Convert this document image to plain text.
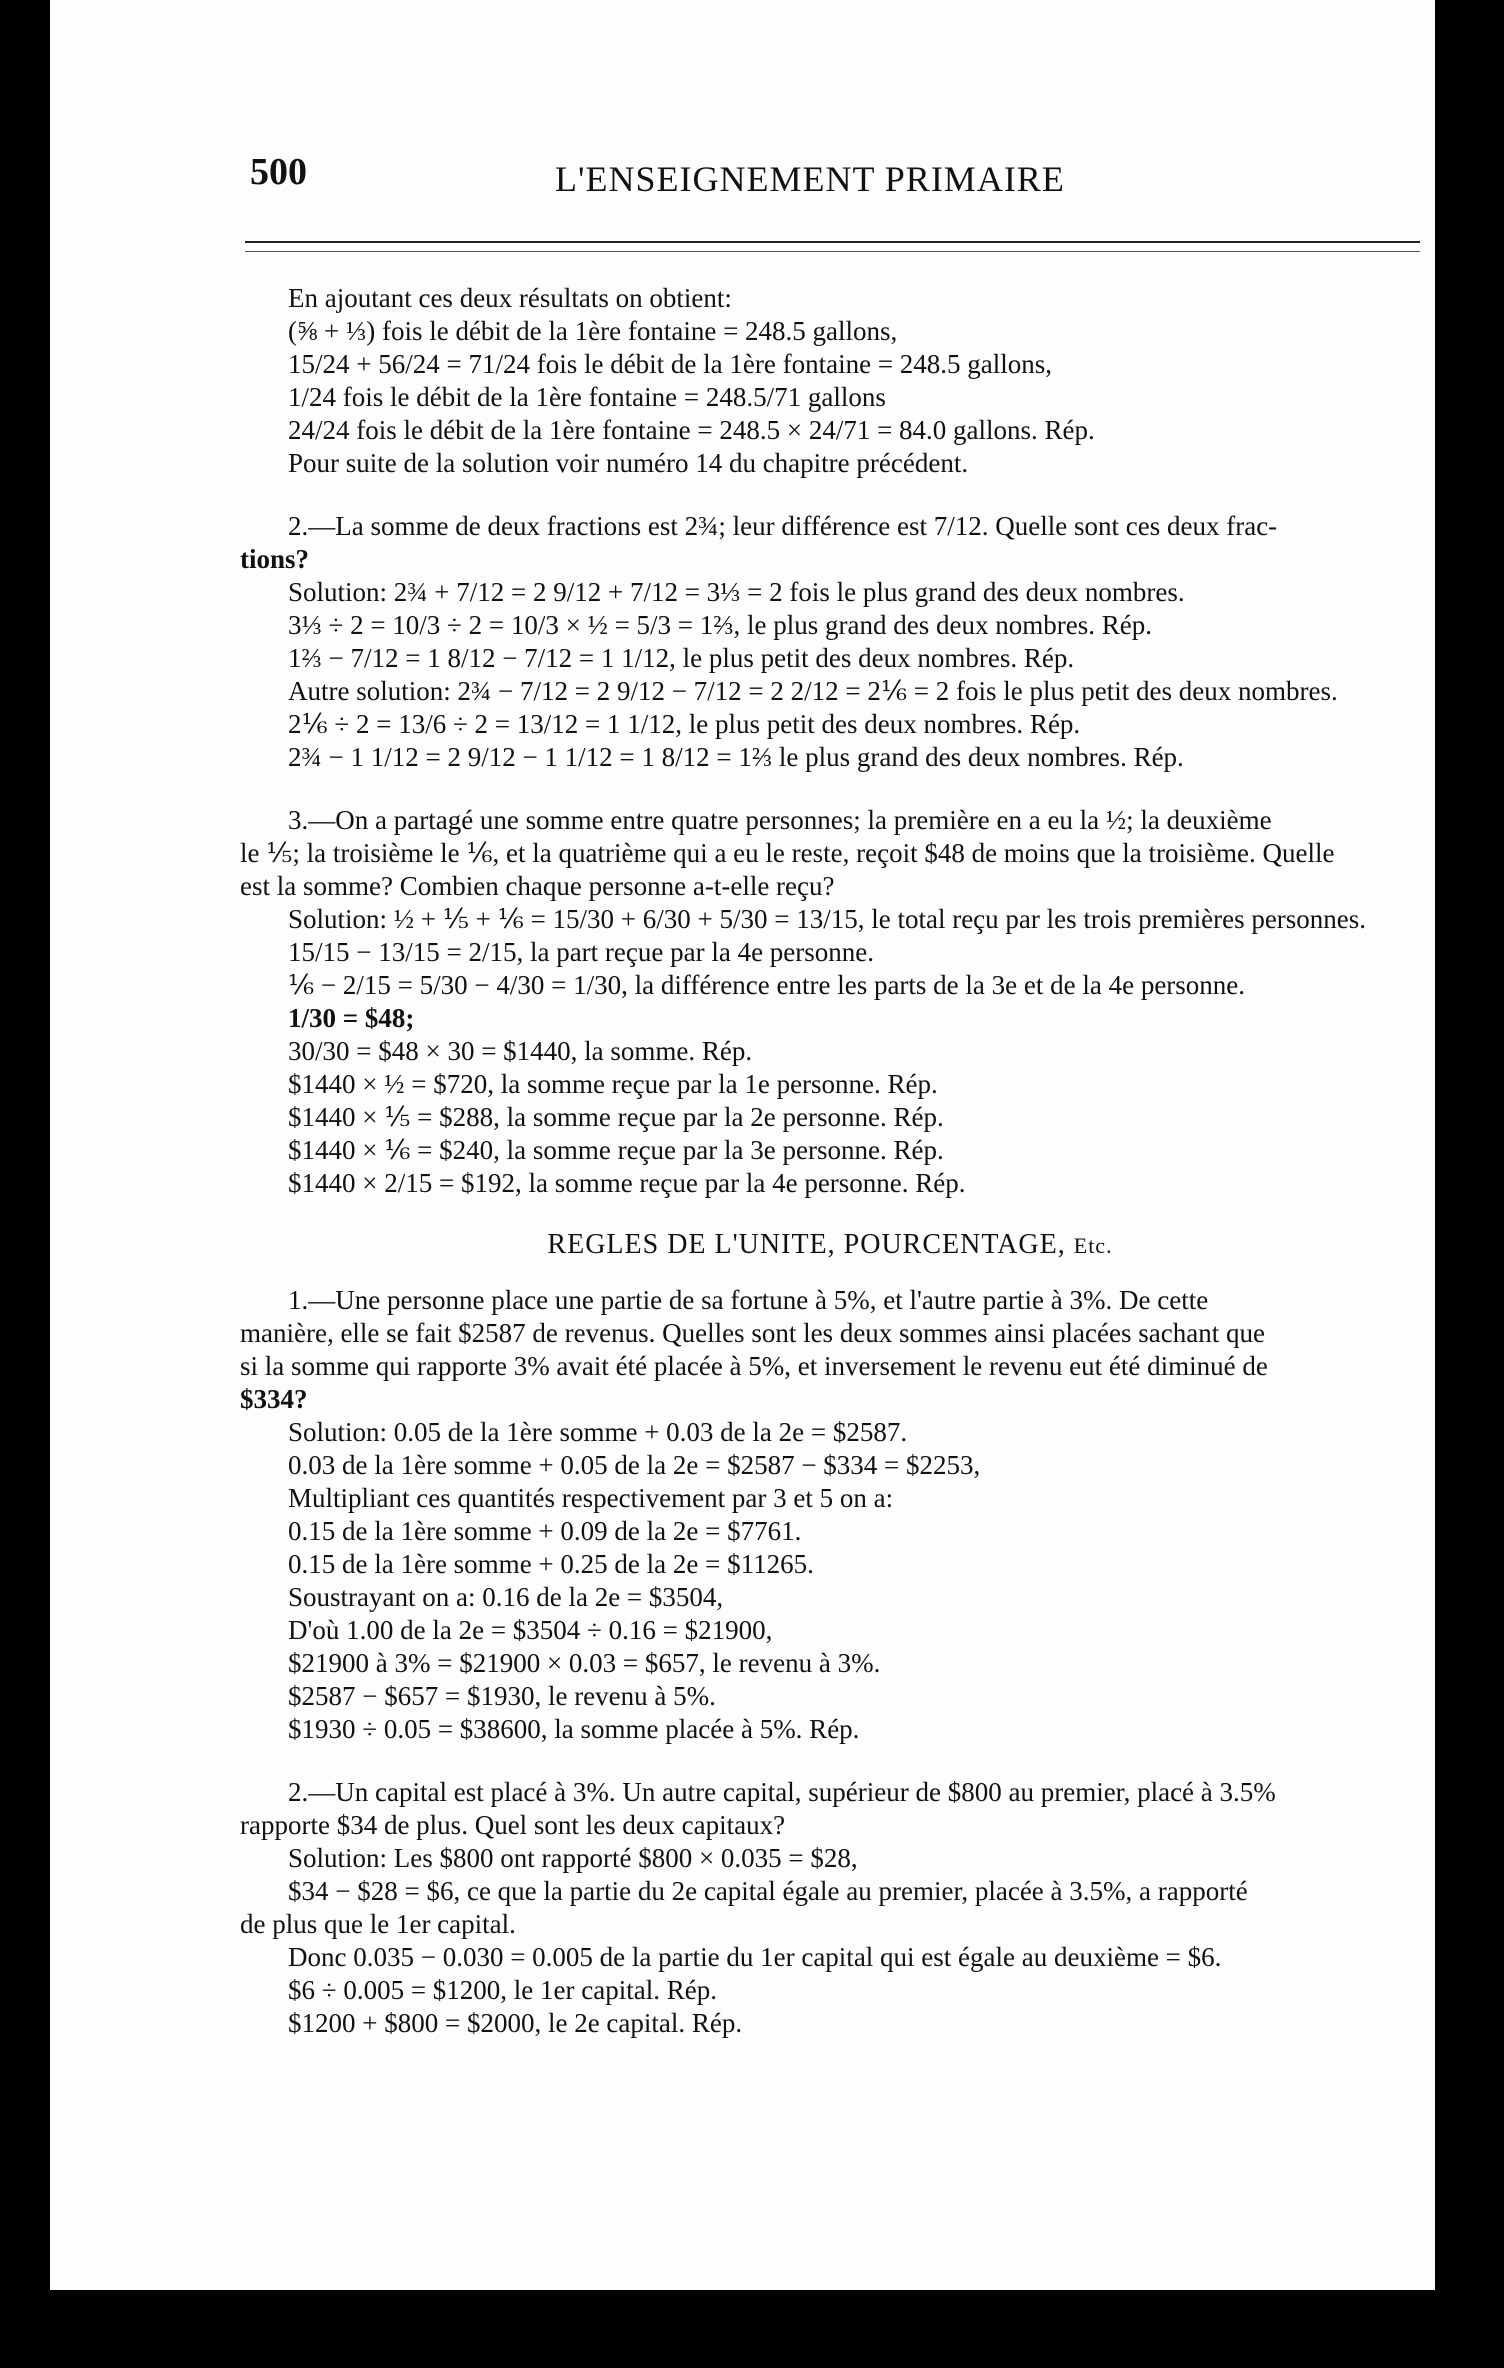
500	L'ENSEIGNEMENT PRIMAIRE
En ajoutant ces deux résultats on obtient:
(⅝ + ⅓) fois le débit de la 1ère fontaine = 248.5 gallons,
15/24 + 56/24 = 71/24 fois le débit de la 1ère fontaine = 248.5 gallons,
1/24 fois le débit de la 1ère fontaine = 248.5/71 gallons
24/24 fois le débit de la 1ère fontaine = 248.5 × 24/71 = 84.0 gallons. Rép.
Pour suite de la solution voir numéro 14 du chapitre précédent.
2.—La somme de deux fractions est 2¾; leur différence est 7/12. Quelle sont ces deux frac-
tions?
Solution: 2¾ + 7/12 = 2 9/12 + 7/12 = 3⅓ = 2 fois le plus grand des deux nombres.
3⅓ ÷ 2 = 10/3 ÷ 2 = 10/3 × ½ = 5/3 = 1⅔, le plus grand des deux nombres. Rép.
1⅔ − 7/12 = 1 8/12 − 7/12 = 1 1/12, le plus petit des deux nombres. Rép.
Autre solution: 2¾ − 7/12 = 2 9/12 − 7/12 = 2 2/12 = 2⅙ = 2 fois le plus petit des deux nombres.
2⅙ ÷ 2 = 13/6 ÷ 2 = 13/12 = 1 1/12, le plus petit des deux nombres. Rép.
2¾ − 1 1/12 = 2 9/12 − 1 1/12 = 1 8/12 = 1⅔ le plus grand des deux nombres. Rép.
3.—On a partagé une somme entre quatre personnes; la première en a eu la ½; la deuxième
le ⅕; la troisième le ⅙, et la quatrième qui a eu le reste, reçoit $48 de moins que la troisième. Quelle
est la somme? Combien chaque personne a-t-elle reçu?
Solution: ½ + ⅕ + ⅙ = 15/30 + 6/30 + 5/30 = 13/15, le total reçu par les trois premières personnes.
15/15 − 13/15 = 2/15, la part reçue par la 4e personne.
⅙ − 2/15 = 5/30 − 4/30 = 1/30, la différence entre les parts de la 3e et de la 4e personne.
1/30 = $48;
30/30 = $48 × 30 = $1440, la somme. Rép.
$1440 × ½ = $720, la somme reçue par la 1e personne. Rép.
$1440 × ⅕ = $288, la somme reçue par la 2e personne. Rép.
$1440 × ⅙ = $240, la somme reçue par la 3e personne. Rép.
$1440 × 2/15 = $192, la somme reçue par la 4e personne. Rép.
REGLES DE L'UNITE, POURCENTAGE, Etc.
1.—Une personne place une partie de sa fortune à 5%, et l'autre partie à 3%. De cette
manière, elle se fait $2587 de revenus. Quelles sont les deux sommes ainsi placées sachant que
si la somme qui rapporte 3% avait été placée à 5%, et inversement le revenu eut été diminué de
$334?
Solution: 0.05 de la 1ère somme + 0.03 de la 2e = $2587.
0.03 de la 1ère somme + 0.05 de la 2e = $2587 − $334 = $2253,
Multipliant ces quantités respectivement par 3 et 5 on a:
0.15 de la 1ère somme + 0.09 de la 2e = $7761.
0.15 de la 1ère somme + 0.25 de la 2e = $11265.
Soustrayant on a: 0.16 de la 2e = $3504,
D'où 1.00 de la 2e = $3504 ÷ 0.16 = $21900,
$21900 à 3% = $21900 × 0.03 = $657, le revenu à 3%.
$2587 − $657 = $1930, le revenu à 5%.
$1930 ÷ 0.05 = $38600, la somme placée à 5%. Rép.
2.—Un capital est placé à 3%. Un autre capital, supérieur de $800 au premier, placé à 3.5%
rapporte $34 de plus. Quel sont les deux capitaux?
Solution: Les $800 ont rapporté $800 × 0.035 = $28,
$34 − $28 = $6, ce que la partie du 2e capital égale au premier, placée à 3.5%, a rapporté
de plus que le 1er capital.
Donc 0.035 − 0.030 = 0.005 de la partie du 1er capital qui est égale au deuxième = $6.
$6 ÷ 0.005 = $1200, le 1er capital. Rép.
$1200 + $800 = $2000, le 2e capital. Rép.
